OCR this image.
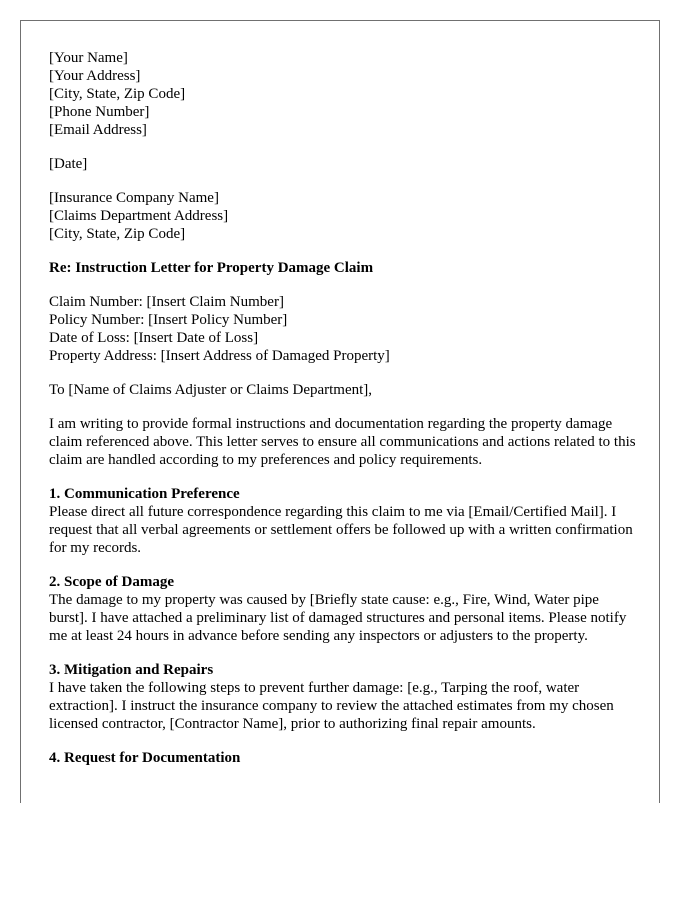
[Your Name]
[Your Address]
[City, State, Zip Code]
[Phone Number]
[Email Address]
[Date]
[Insurance Company Name]
[Claims Department Address]
[City, State, Zip Code]

Re: Instruction Letter for Property Damage Claim

Claim Number: [Insert Claim Number]
Policy Number: [Insert Policy Number]
Date of Loss: [Insert Date of Loss]
Property Address: [Insert Address of Damaged Property]
To [Name of Claims Adjuster or Claims Department],

I am writing to provide formal instructions and documentation regarding the property damage claim referenced above. This letter serves to ensure all communications and actions related to this claim are handled according to my preferences and policy requirements.

1. Communication Preference

Please direct all future correspondence regarding this claim to me via [Email/Certified Mail]. I request that all verbal agreements or settlement offers be followed up with a written confirmation for my records.

2. Scope of Damage

The damage to my property was caused by [Briefly state cause: e.g., Fire, Wind, Water pipe burst]. I have attached a preliminary list of damaged structures and personal items. Please notify me at least 24 hours in advance before sending any inspectors or adjusters to the property.

3. Mitigation and Repairs

I have taken the following steps to prevent further damage: [e.g., Tarping the roof, water extraction]. I instruct the insurance company to review the attached estimates from my chosen licensed contractor, [Contractor Name], prior to authorizing final repair amounts.

4. Request for Documentation
